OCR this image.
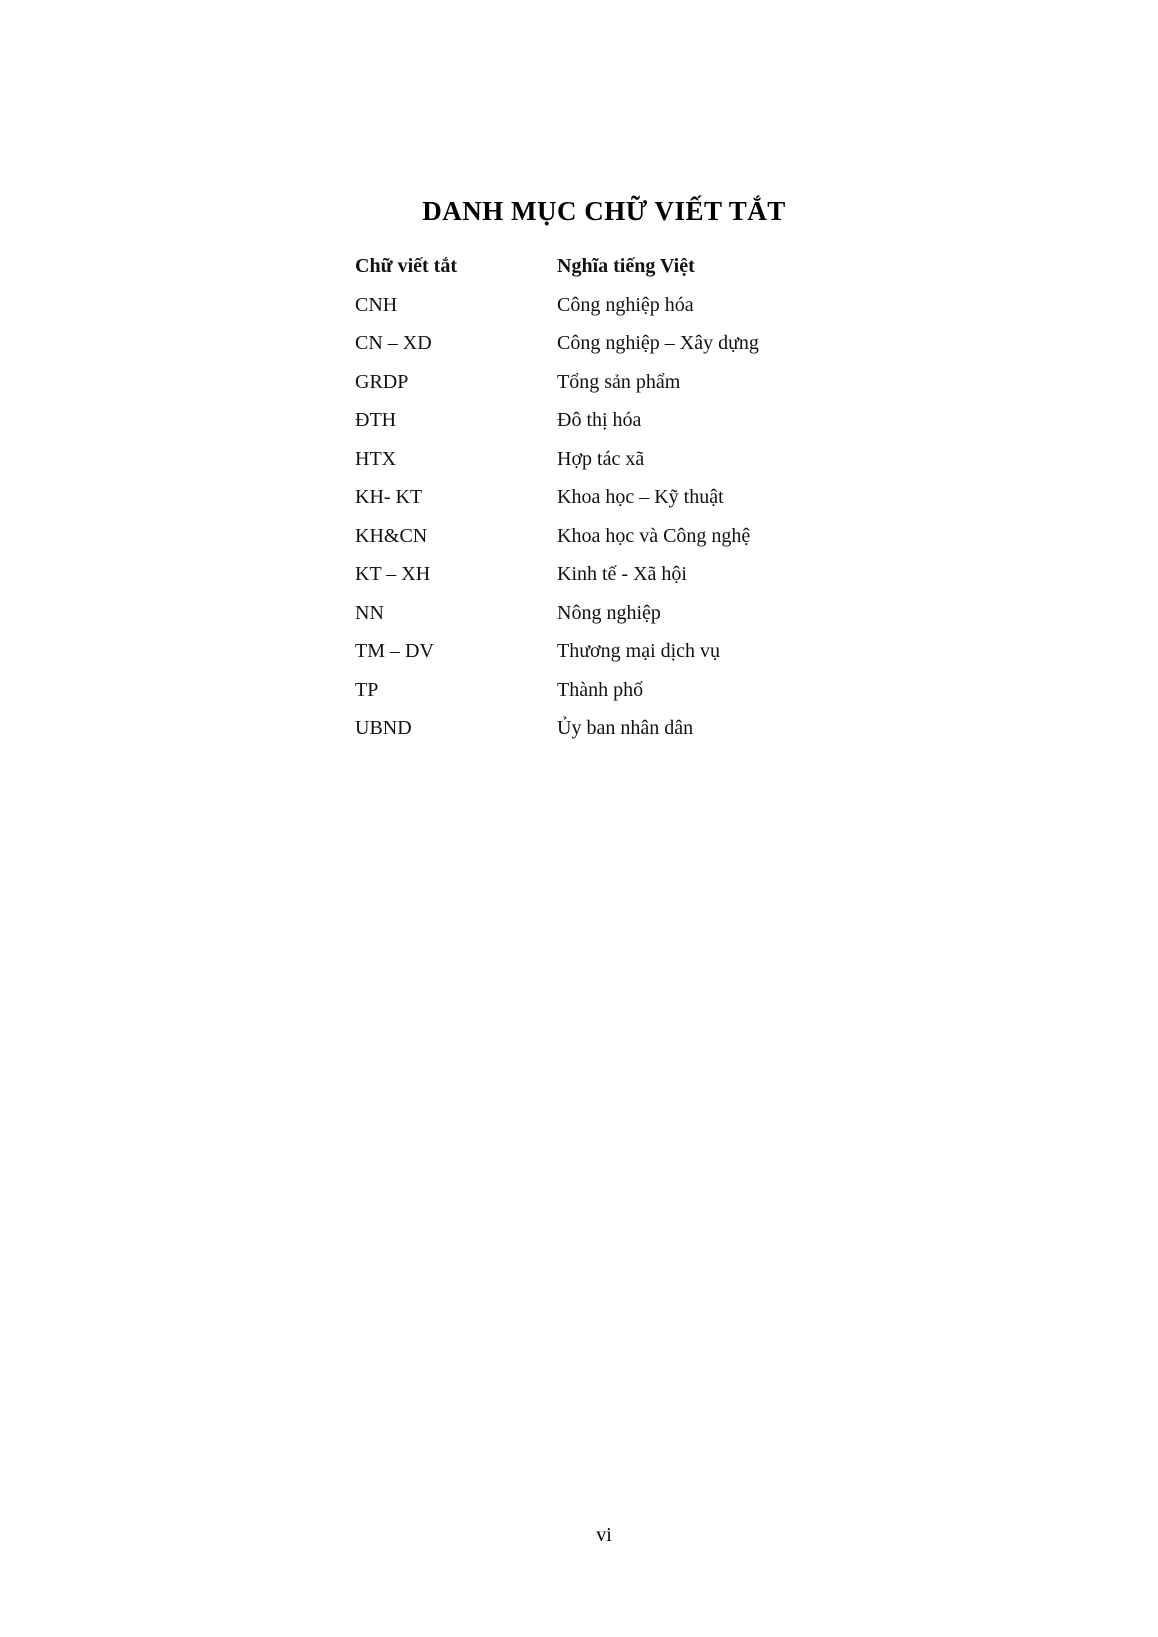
DANH MỤC CHỮ VIẾT TẮT
Chữ viết tắt	Nghĩa tiếng Việt
CNH	Công nghiệp hóa
CN – XD	Công nghiệp – Xây dựng
GRDP	Tổng sản phẩm
ĐTH	Đô thị hóa
HTX	Hợp tác xã
KH- KT	Khoa học – Kỹ thuật
KH&CN	Khoa học và Công nghệ
KT – XH	Kinh tế - Xã hội
NN	Nông nghiệp
TM – DV	Thương mại dịch vụ
TP	Thành phố
UBND	Ủy ban nhân dân
vi
